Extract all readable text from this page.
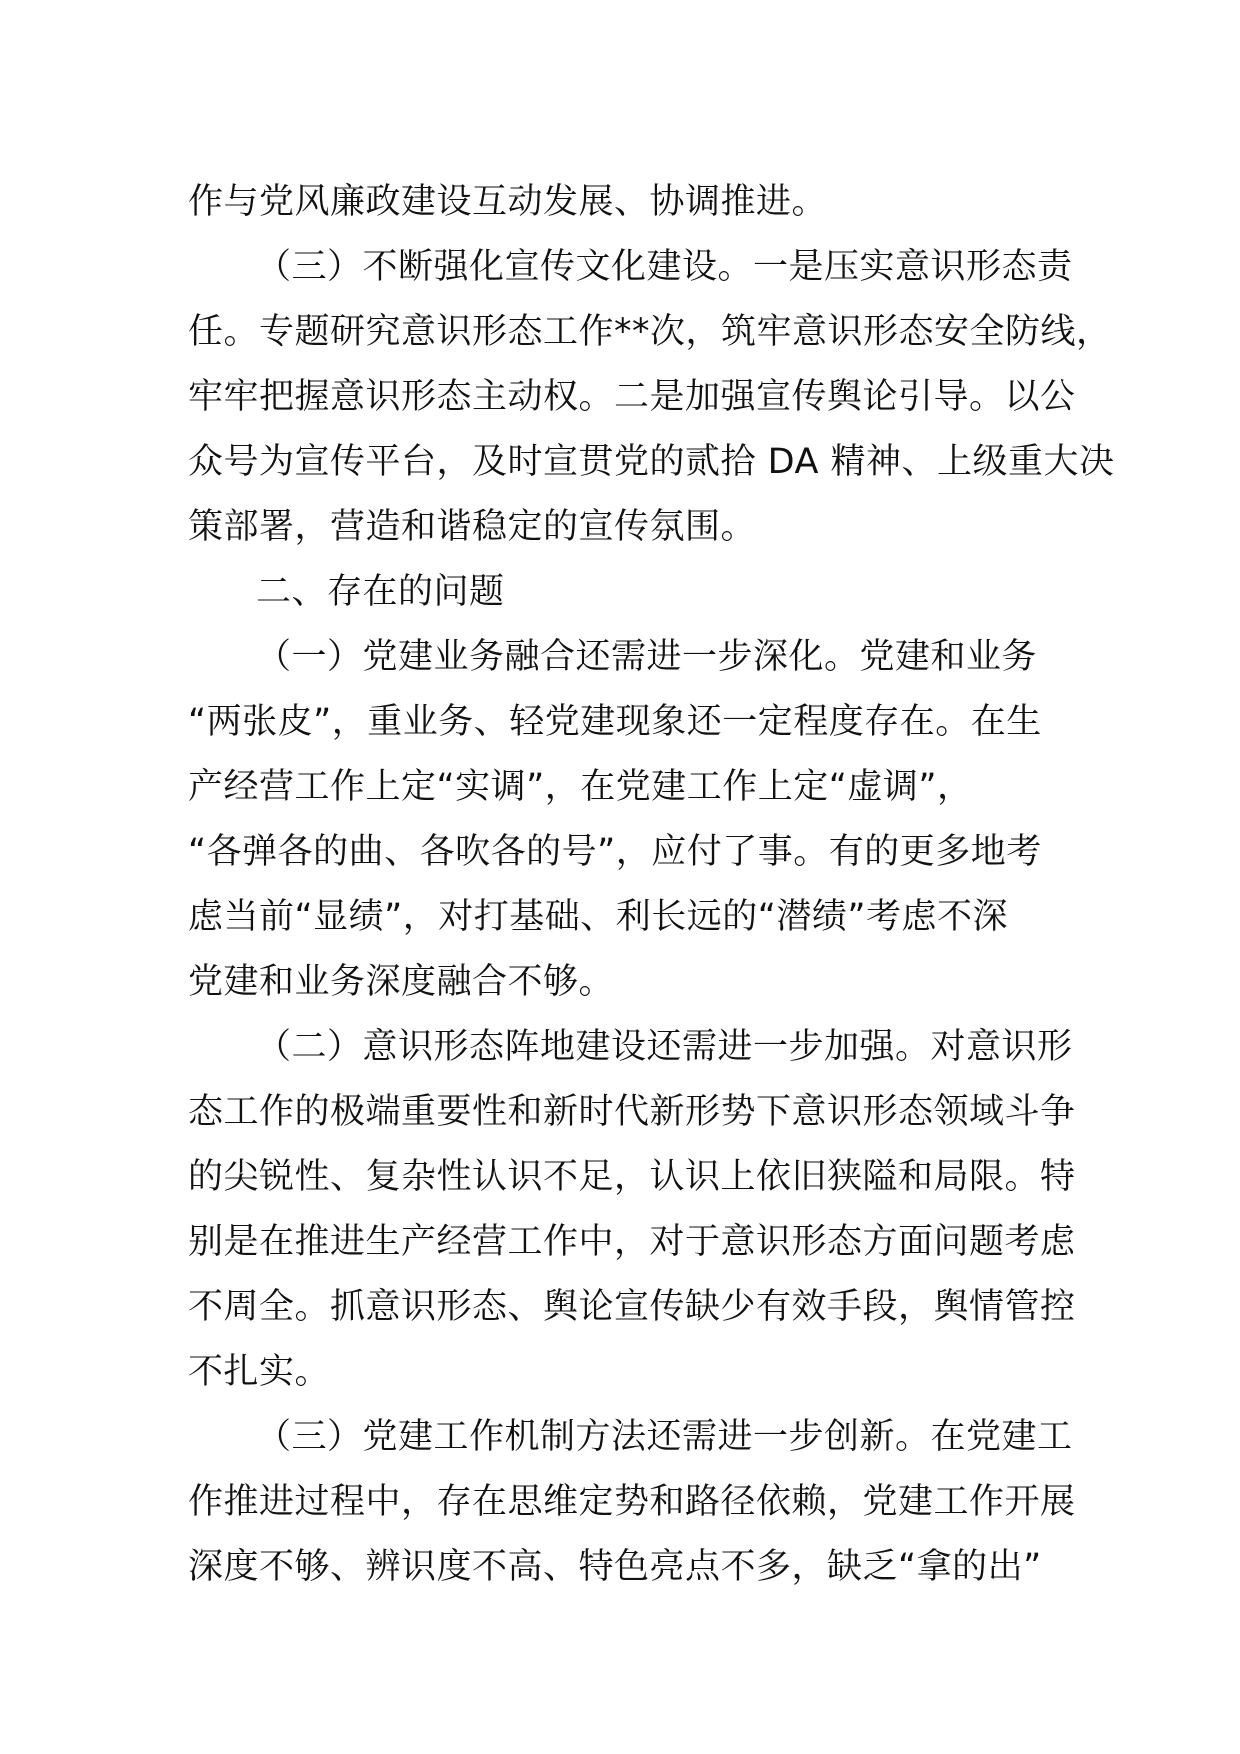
作与党风廉政建设互动发展、协调推进。
（三）不断强化宣传文化建设。一是压实意识形态责
任。专题研究意识形态工作**次，筑牢意识形态安全防线，
牢牢把握意识形态主动权。二是加强宣传舆论引导。以公
众号为宣传平台，及时宣贯党的贰拾 DA 精神、上级重大决
策部署，营造和谐稳定的宣传氛围。
二、存在的问题
（一）党建业务融合还需进一步深化。党建和业务
“两张皮”，重业务、轻党建现象还一定程度存在。在生
产经营工作上定“实调”，在党建工作上定“虚调”，
“各弹各的曲、各吹各的号”，应付了事。有的更多地考
虑当前“显绩”，对打基础、利长远的“潜绩”考虑不深
党建和业务深度融合不够。
（二）意识形态阵地建设还需进一步加强。对意识形
态工作的极端重要性和新时代新形势下意识形态领域斗争
的尖锐性、复杂性认识不足，认识上依旧狭隘和局限。特
别是在推进生产经营工作中，对于意识形态方面问题考虑
不周全。抓意识形态、舆论宣传缺少有效手段，舆情管控
不扎实。
（三）党建工作机制方法还需进一步创新。在党建工
作推进过程中，存在思维定势和路径依赖，党建工作开展
深度不够、辨识度不高、特色亮点不多，缺乏“拿的出”
